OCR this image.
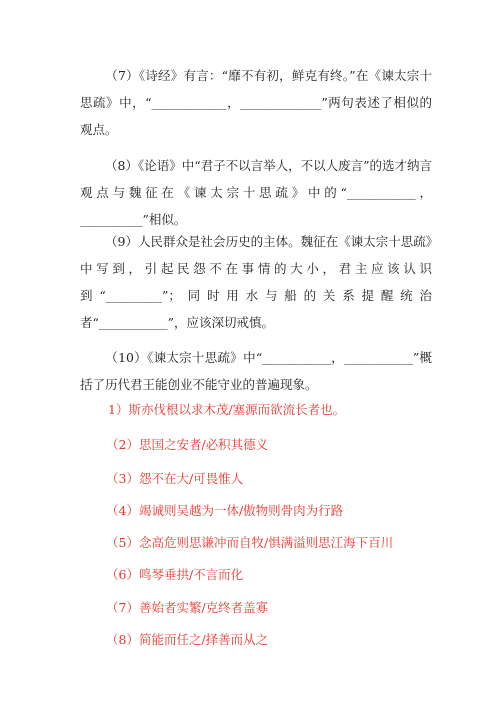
（7）《诗经》有言：“靡不有初，鲜克有终。”在《谏太宗十思疏》中，“____________，_____________”两句表述了相似的观点。

（8）《论语》中“君子不以言举人，不以人废言”的选才纳言观点与魏征在《谏太宗十思疏》中的“___________，__________”相似。

（9）人民群众是社会历史的主体。魏征在《谏太宗十思疏》中写到，引起民怨不在事情的大小，君主应该认识到“_________”；同时用水与船的关系提醒统治者“___________”，应该深切戒慎。

（10）《谏太宗十思疏》中“___________，___________”概括了历代君王能创业不能守业的普遍现象。

1）斯亦伐根以求木茂/塞源而欲流长者也。

（2）思国之安者/必积其德义

（3）怨不在大/可畏惟人

（4）竭诚则吴越为一体/傲物则骨肉为行路

（5）念高危则思谦冲而自牧/惧满溢则思江海下百川

（6）鸣琴垂拱/不言而化

（7）善始者实繁/克终者盖寡

（8）简能而任之/择善而从之
